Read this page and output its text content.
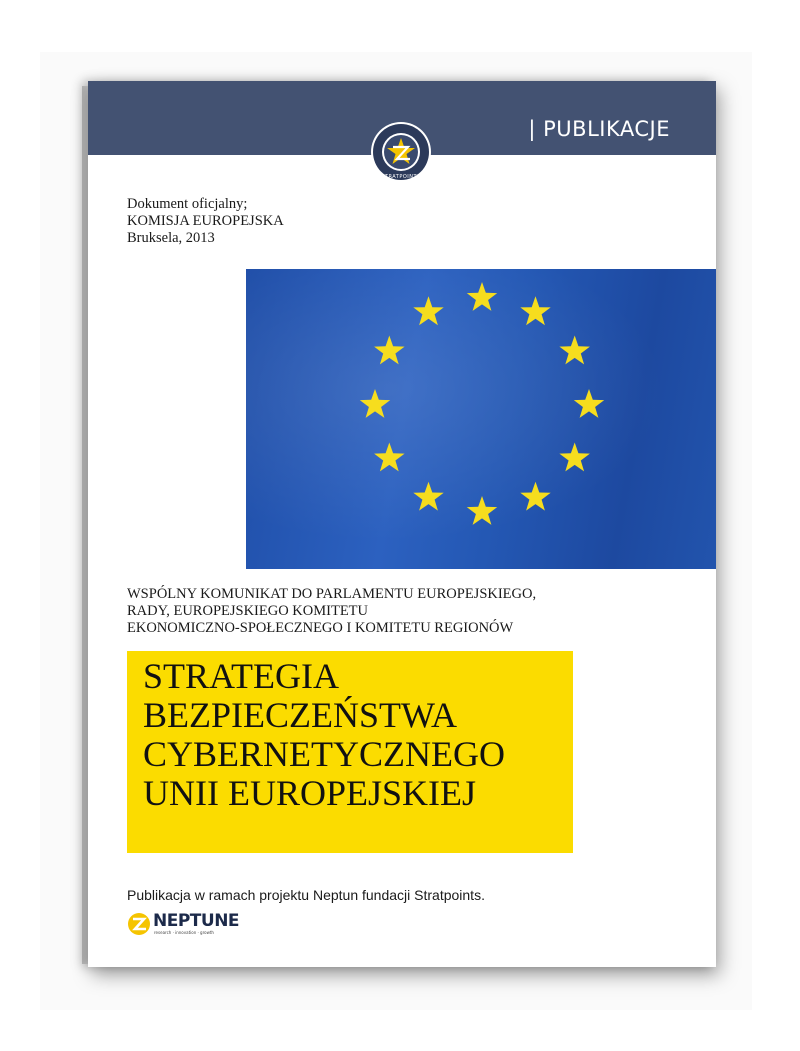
| PUBLIKACJE
STRATPOINTS
Dokument oficjalny;
KOMISJA EUROPEJSKA
Bruksela, 2013
WSPÓLNY KOMUNIKAT DO PARLAMENTU EUROPEJSKIEGO,
RADY, EUROPEJSKIEGO KOMITETU
EKONOMICZNO-SPOŁECZNEGO I KOMITETU REGIONÓW
STRATEGIA
BEZPIECZEŃSTWA
CYBERNETYCZNEGO
UNII EUROPEJSKIEJ
Publikacja w ramach projektu Neptun fundacji Stratpoints.
NEPTUNE
research · innovation · growth
